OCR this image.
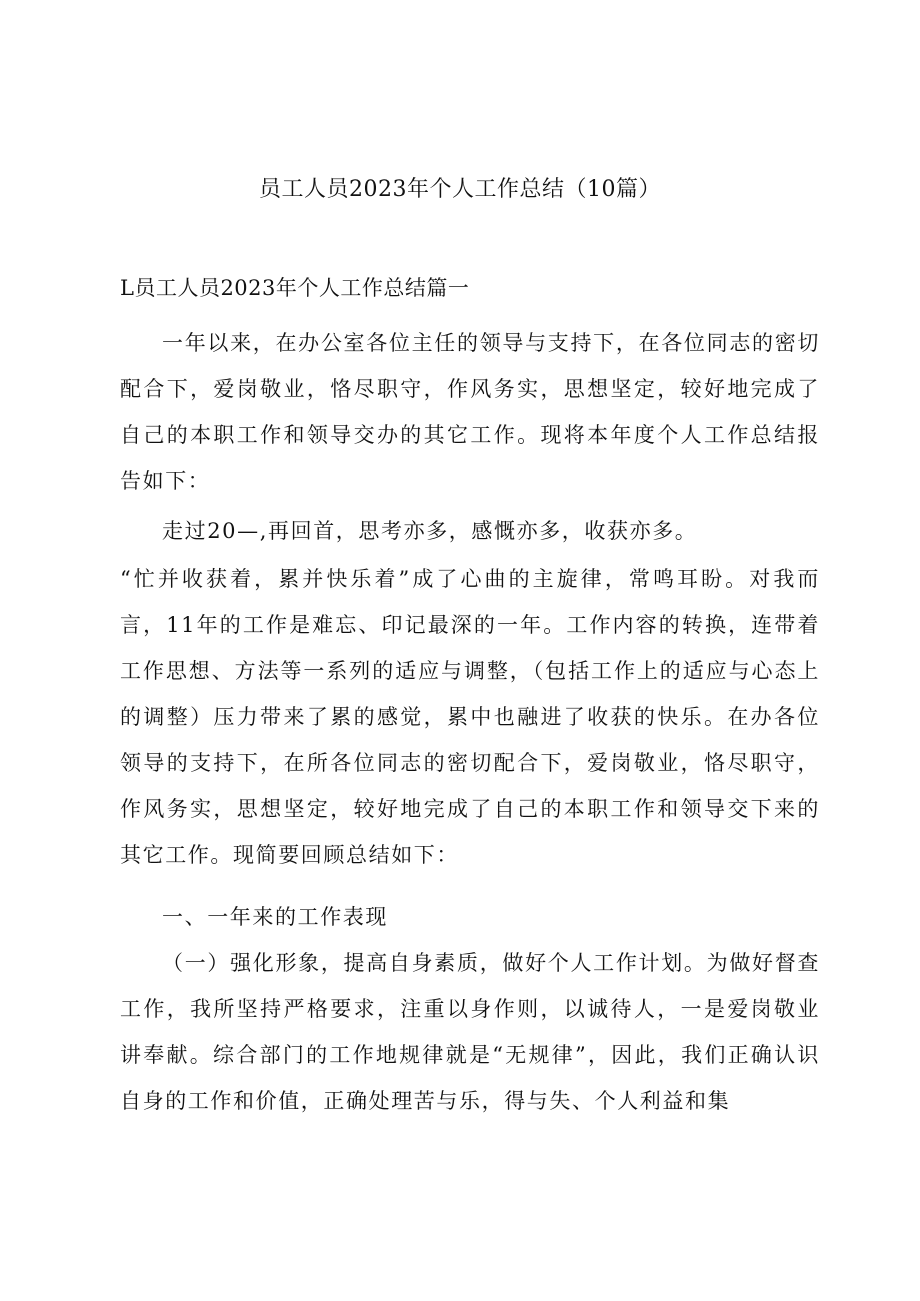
员工人员2023年个人工作总结（10篇）
L员工人员2023年个人工作总结篇一

一年以来，在办公室各位主任的领导与支持下，在各位同志的密切配合下，爱岗敬业，恪尽职守，作风务实，思想坚定，较好地完成了自己的本职工作和领导交办的其它工作。现将本年度个人工作总结报告如下：

走过20—,再回首，思考亦多，感慨亦多，收获亦多。

“忙并收获着，累并快乐着”成了心曲的主旋律，常鸣耳盼。对我而言，11年的工作是难忘、印记最深的一年。工作内容的转换，连带着工作思想、方法等一系列的适应与调整，（包括工作上的适应与心态上的调整）压力带来了累的感觉，累中也融进了收获的快乐。在办各位领导的支持下，在所各位同志的密切配合下，爱岗敬业，恪尽职守，作风务实，思想坚定，较好地完成了自己的本职工作和领导交下来的其它工作。现简要回顾总结如下：

一、一年来的工作表现

（一）强化形象，提高自身素质，做好个人工作计划。为做好督查工作，我所坚持严格要求，注重以身作则，以诚待人，一是爱岗敬业讲奉献。综合部门的工作地规律就是“无规律”，因此，我们正确认识自身的工作和价值，正确处理苦与乐，得与失、个人利益和集
